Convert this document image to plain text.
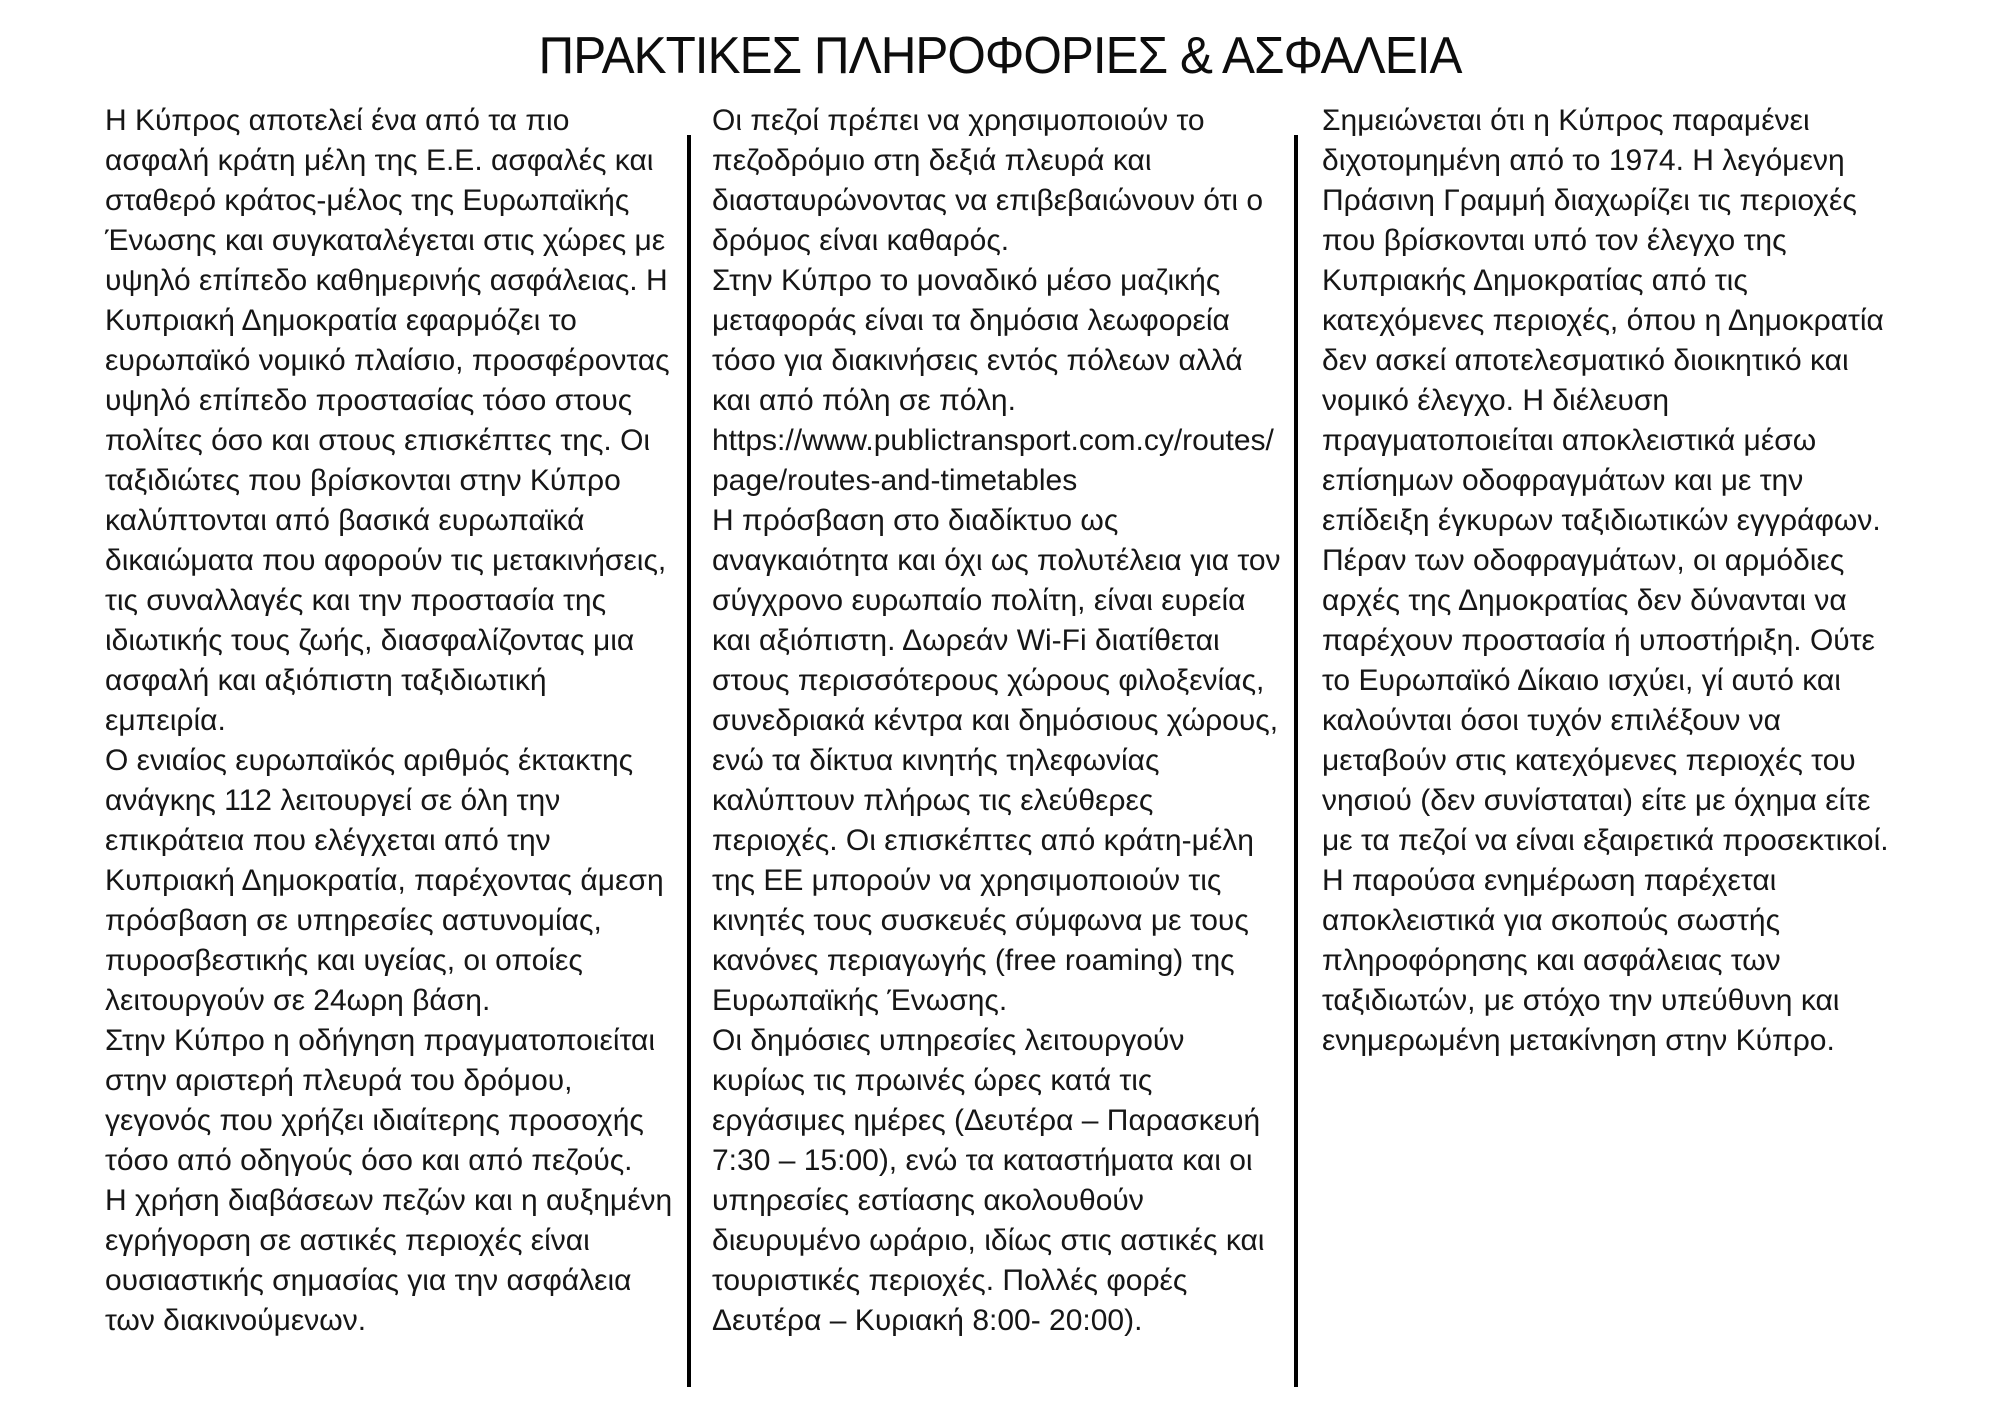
ΠΡΑΚΤΙΚΕΣ ΠΛΗΡΟΦΟΡΙΕΣ & ΑΣΦΑΛΕΙΑ

Η Κύπρος αποτελεί ένα από τα πιο ασφαλή κράτη μέλη της Ε.Ε. ασφαλές και σταθερό κράτος-μέλος της Ευρωπαϊκής Ένωσης και συγκαταλέγεται στις χώρες με υψηλό επίπεδο καθημερινής ασφάλειας. Η Κυπριακή Δημοκρατία εφαρμόζει το ευρωπαϊκό νομικό πλαίσιο, προσφέροντας υψηλό επίπεδο προστασίας τόσο στους πολίτες όσο και στους επισκέπτες της. Οι ταξιδιώτες που βρίσκονται στην Κύπρο καλύπτονται από βασικά ευρωπαϊκά δικαιώματα που αφορούν τις μετακινήσεις, τις συναλλαγές και την προστασία της ιδιωτικής τους ζωής, διασφαλίζοντας μια ασφαλή και αξιόπιστη ταξιδιωτική εμπειρία.

Ο ενιαίος ευρωπαϊκός αριθμός έκτακτης ανάγκης 112 λειτουργεί σε όλη την επικράτεια που ελέγχεται από την Κυπριακή Δημοκρατία, παρέχοντας άμεση πρόσβαση σε υπηρεσίες αστυνομίας, πυροσβεστικής και υγείας, οι οποίες λειτουργούν σε 24ωρη βάση.

Στην Κύπρο η οδήγηση πραγματοποιείται στην αριστερή πλευρά του δρόμου, γεγονός που χρήζει ιδιαίτερης προσοχής τόσο από οδηγούς όσο και από πεζούς.

Η χρήση διαβάσεων πεζών και η αυξημένη εγρήγορση σε αστικές περιοχές είναι ουσιαστικής σημασίας για την ασφάλεια των διακινούμενων.

Οι πεζοί πρέπει να χρησιμοποιούν το πεζοδρόμιο στη δεξιά πλευρά και διασταυρώνοντας να επιβεβαιώνουν ότι ο δρόμος είναι καθαρός.

Στην Κύπρο το μοναδικό μέσο μαζικής μεταφοράς είναι τα δημόσια λεωφορεία τόσο για διακινήσεις εντός πόλεων αλλά και από πόλη σε πόλη.

https://www.publictransport.com.cy/routes/page/routes-and-timetables

Η πρόσβαση στο διαδίκτυο ως αναγκαιότητα και όχι ως πολυτέλεια για τον σύγχρονο ευρωπαίο πολίτη, είναι ευρεία και αξιόπιστη. Δωρεάν Wi-Fi διατίθεται στους περισσότερους χώρους φιλοξενίας, συνεδριακά κέντρα και δημόσιους χώρους, ενώ τα δίκτυα κινητής τηλεφωνίας καλύπτουν πλήρως τις ελεύθερες περιοχές. Οι επισκέπτες από κράτη-μέλη της ΕΕ μπορούν να χρησιμοποιούν τις κινητές τους συσκευές σύμφωνα με τους κανόνες περιαγωγής (free roaming) της Ευρωπαϊκής Ένωσης.

Οι δημόσιες υπηρεσίες λειτουργούν κυρίως τις πρωινές ώρες κατά τις εργάσιμες ημέρες (Δευτέρα – Παρασκευή 7:30 – 15:00), ενώ τα καταστήματα και οι υπηρεσίες εστίασης ακολουθούν διευρυμένο ωράριο, ιδίως στις αστικές και τουριστικές περιοχές. Πολλές φορές Δευτέρα – Κυριακή 8:00- 20:00).

Σημειώνεται ότι η Κύπρος παραμένει διχοτομημένη από το 1974. Η λεγόμενη Πράσινη Γραμμή διαχωρίζει τις περιοχές που βρίσκονται υπό τον έλεγχο της Κυπριακής Δημοκρατίας από τις κατεχόμενες περιοχές, όπου η Δημοκρατία δεν ασκεί αποτελεσματικό διοικητικό και νομικό έλεγχο. Η διέλευση πραγματοποιείται αποκλειστικά μέσω επίσημων οδοφραγμάτων και με την επίδειξη έγκυρων ταξιδιωτικών εγγράφων. Πέραν των οδοφραγμάτων, οι αρμόδιες αρχές της Δημοκρατίας δεν δύνανται να παρέχουν προστασία ή υποστήριξη. Ούτε το Ευρωπαϊκό Δίκαιο ισχύει, γί αυτό και καλούνται όσοι τυχόν επιλέξουν να μεταβούν στις κατεχόμενες περιοχές του νησιού (δεν συνίσταται) είτε με όχημα είτε με τα πεζοί να είναι εξαιρετικά προσεκτικοί.

Η παρούσα ενημέρωση παρέχεται αποκλειστικά για σκοπούς σωστής πληροφόρησης και ασφάλειας των ταξιδιωτών, με στόχο την υπεύθυνη και ενημερωμένη μετακίνηση στην Κύπρο.
